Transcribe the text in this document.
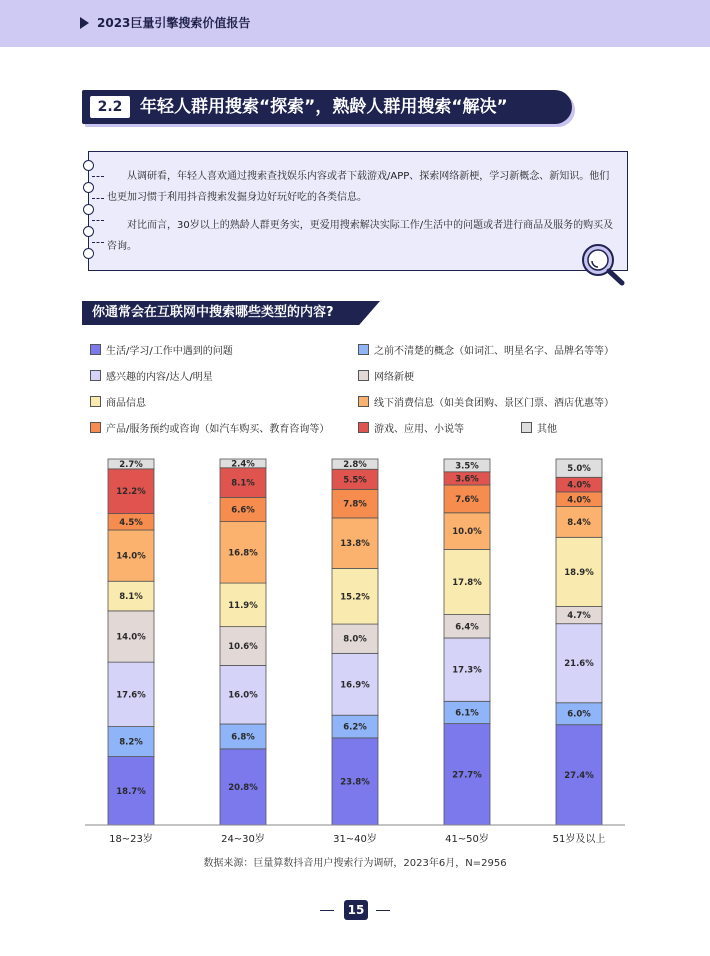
2023巨量引擎搜索价值报告
2.2	年轻人群用搜索“探索”，熟龄人群用搜索“解决”

从调研看，年轻人喜欢通过搜索查找娱乐内容或者下载游戏/APP、探索网络新梗，学习新概念、新知识。他们也更加习惯于利用抖音搜索发掘身边好玩好吃的各类信息。

对比而言，30岁以上的熟龄人群更务实，更爱用搜索解决实际工作/生活中的问题或者进行商品及服务的购买及咨询。

你通常会在互联网中搜索哪些类型的内容?
生活/学习/工作中遇到的问题	之前不清楚的概念（如词汇、明星名字、品牌名等等）
感兴趣的内容/达人/明星	网络新梗
商品信息	线下消费信息（如美食团购、景区门票、酒店优惠等）
产品/服务预约或咨询（如汽车购买、教育咨询等）	游戏、应用、小说等	其他
18.7%
8.2%
17.6%
14.0%
8.1%
14.0%
4.5%
12.2%
2.7%
18~23岁
20.8%
6.8%
16.0%
10.6%
11.9%
16.8%
6.6%
8.1%
2.4%
24~30岁
23.8%
6.2%
16.9%
8.0%
15.2%
13.8%
7.8%
5.5%
2.8%
31~40岁
27.7%
6.1%
17.3%
6.4%
17.8%
10.0%
7.6%
3.6%
3.5%
41~50岁
27.4%
6.0%
21.6%
4.7%
18.9%
8.4%
4.0%
4.0%
5.0%
51岁及以上
数据来源：巨量算数抖音用户搜索行为调研，2023年6月，N=2956
15
